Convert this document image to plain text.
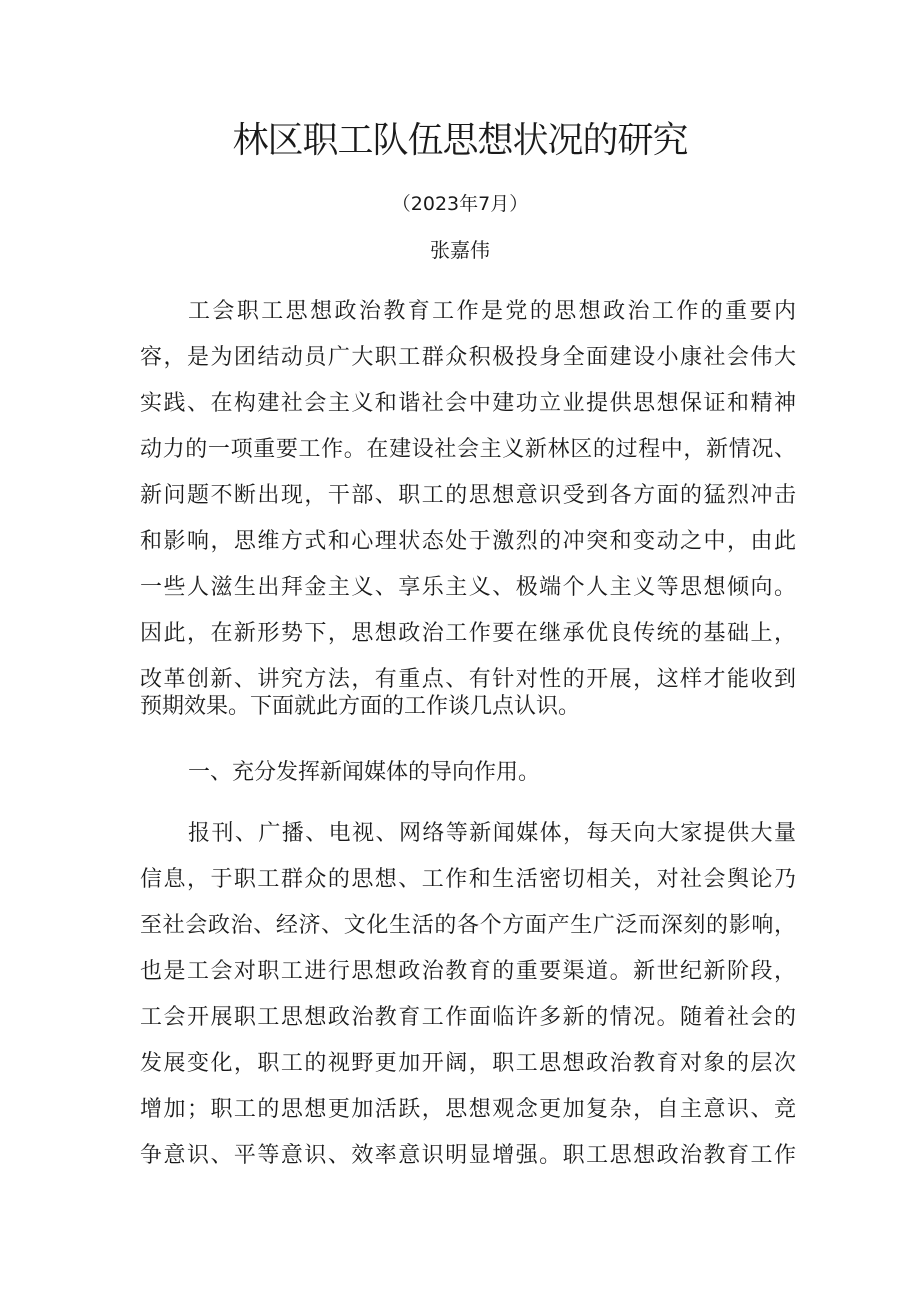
林区职工队伍思想状况的研究
（2023年7月）
张嘉伟
工会职工思想政治教育工作是党的思想政治工作的重要内
容，是为团结动员广大职工群众积极投身全面建设小康社会伟大
实践、在构建社会主义和谐社会中建功立业提供思想保证和精神
动力的一项重要工作。在建设社会主义新林区的过程中，新情况、
新问题不断出现，干部、职工的思想意识受到各方面的猛烈冲击
和影响，思维方式和心理状态处于激烈的冲突和变动之中，由此
一些人滋生出拜金主义、享乐主义、极端个人主义等思想倾向。
因此，在新形势下，思想政治工作要在继承优良传统的基础上，
改革创新、讲究方法，有重点、有针对性的开展，这样才能收到
预期效果。下面就此方面的工作谈几点认识。
一、充分发挥新闻媒体的导向作用。
报刊、广播、电视、网络等新闻媒体，每天向大家提供大量
信息，于职工群众的思想、工作和生活密切相关，对社会舆论乃
至社会政治、经济、文化生活的各个方面产生广泛而深刻的影响，
也是工会对职工进行思想政治教育的重要渠道。新世纪新阶段，
工会开展职工思想政治教育工作面临许多新的情况。随着社会的
发展变化，职工的视野更加开阔，职工思想政治教育对象的层次
增加；职工的思想更加活跃，思想观念更加复杂，自主意识、竞
争意识、平等意识、效率意识明显增强。职工思想政治教育工作
